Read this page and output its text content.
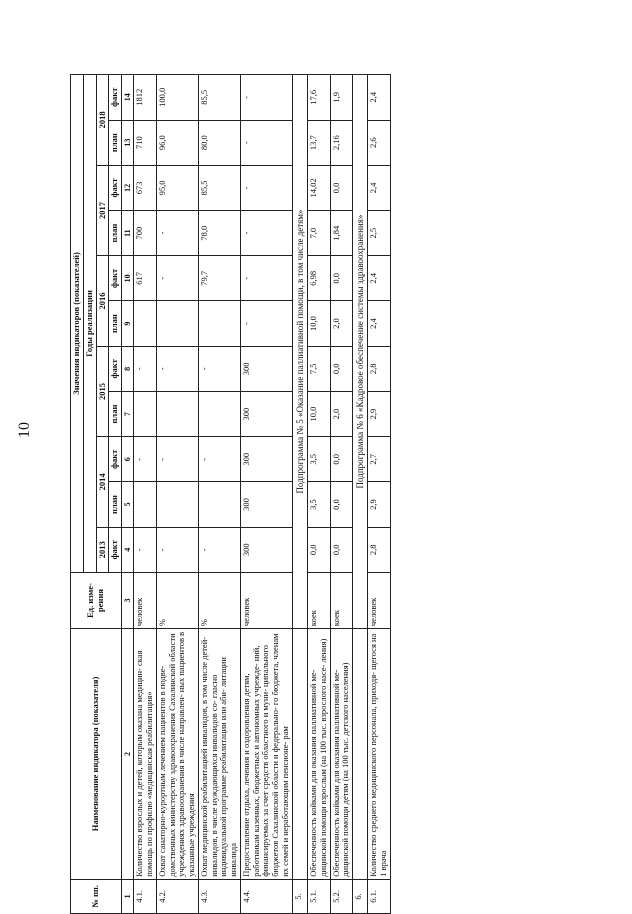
10
№ пп.	Наименование индикатора (показателя)	Ед. изме- рения	Значения индикаторов (показателей)										
			Годы реализации										
			2013	2014		2015		2016		2017		2018	
			факт	план	факт	план	факт	план	факт	план	факт	план	факт
1	2	3	4	5	6	7	8	9	10	11	12	13	14
4.1.	Количество взрослых и детей, которым оказана медицин- ская помощь по профилю «медицинская реабилитация»	человек	-		-		-		617	700	673	710	1812
4.2.	Охват санаторно-курортным лечением пациентов в подве- домственных министерству здравоохранения Сахалинской области учреждениях здравоохранения в числе направлен- ных пациентов в указанные учреждения	%	-		-		-		-	-	95,0	96,0	100,0
4.3.	Охват медицинской реабилитацией инвалидов, в том числе детей-инвалидов, в числе нуждающихся инвалидов со- гласно индивидуальной программе реабилитации или аби- литации инвалида	%	-		-		-		79,7	78,0	85,5	80,0	85,5
4.4.	Предоставление отдыха, лечения и оздоровления детям, работникам казенных, бюджетных и автономных учрежде- ний, финансируемых за счет средств областного и муни- ципального бюджетов Сахалинской области и федерально- го бюджета, членам их семей и неработающим пенсионе- рам	человек	300	300	300	300	300	-	-	-	-	-	-
5.		Подпрограмма № 5 «Оказание паллиативной помощи, в том числе детям»											
5.1.	Обеспеченность койками для оказания паллиативной ме- дицинской помощи взрослым (на 100 тыс. взрослого насе- ления)	коек	0,0	3,5	3,5	10,0	7,5	10,0	6,98	7,0	14,02	13,7	17,6
5.2.	Обеспеченность койками для оказания паллиативной ме- дицинской помощи детям (на 100 тыс. детского населения)	коек	0,0	0,0	0,0	2,0	0,0	2,0	0,0	1,84	0,0	2,16	1,9
6.		Подпрограмма № 6 «Кадровое обеспечение системы здравоохранения»											
6.1.	Количество среднего медицинского персонала, приходя- щегося на 1 врача	человек	2,8	2,9	2,7	2,9	2,8	2,4	2,4	2,5	2,4	2,6	2,4
